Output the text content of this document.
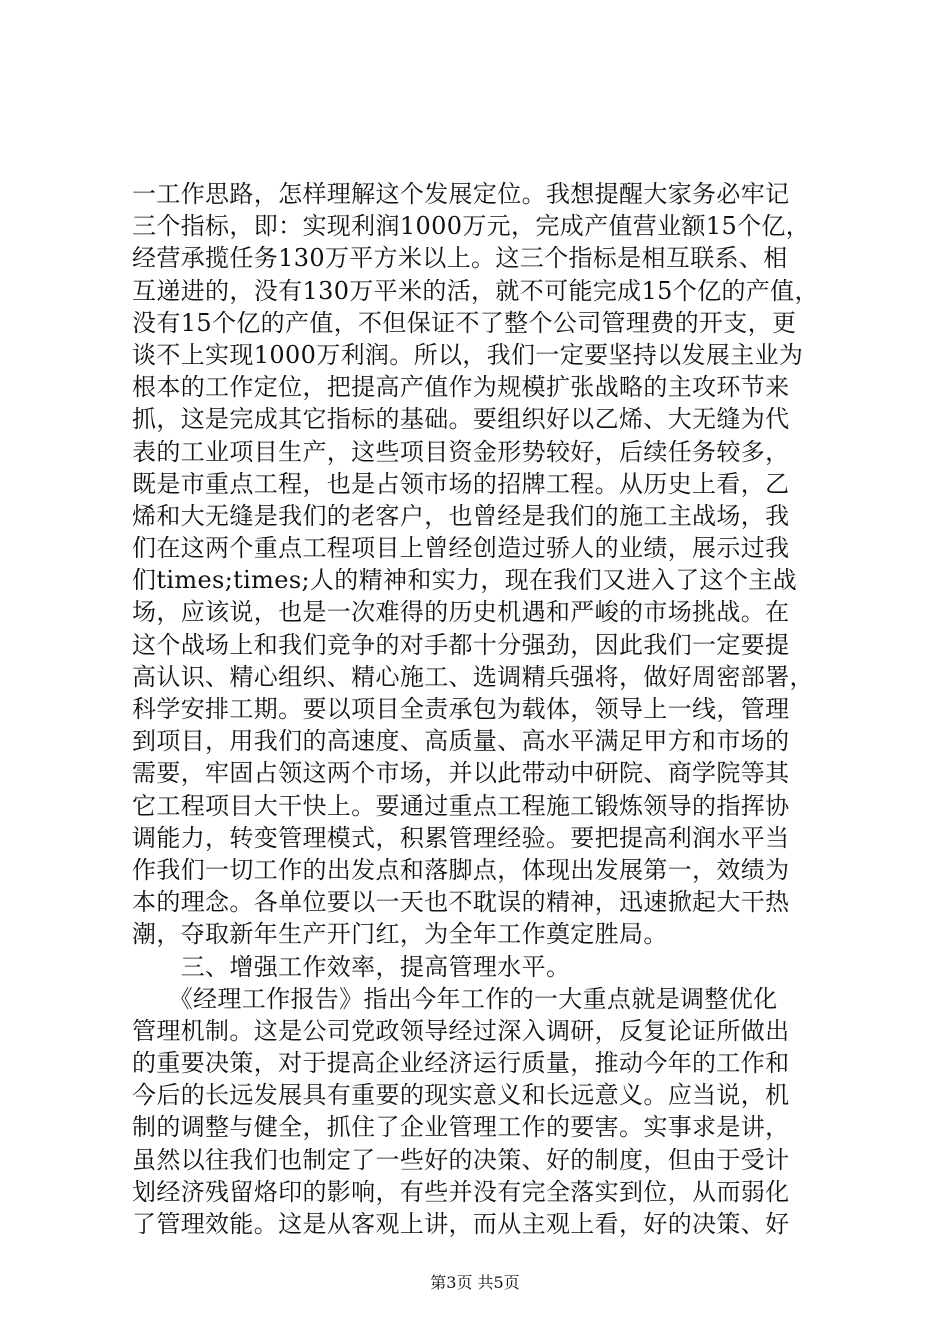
一工作思路，怎样理解这个发展定位。我想提醒大家务必牢记
三个指标，即：实现利润1000万元，完成产值营业额15个亿，
经营承揽任务130万平方米以上。这三个指标是相互联系、相
互递进的，没有130万平米的活，就不可能完成15个亿的产值，
没有15个亿的产值，不但保证不了整个公司管理费的开支，更
谈不上实现1000万利润。所以，我们一定要坚持以发展主业为
根本的工作定位，把提高产值作为规模扩张战略的主攻环节来
抓，这是完成其它指标的基础。要组织好以乙烯、大无缝为代
表的工业项目生产，这些项目资金形势较好，后续任务较多，
既是市重点工程，也是占领市场的招牌工程。从历史上看，乙
烯和大无缝是我们的老客户，也曾经是我们的施工主战场，我
们在这两个重点工程项目上曾经创造过骄人的业绩，展示过我
们times;times;人的精神和实力，现在我们又进入了这个主战
场，应该说，也是一次难得的历史机遇和严峻的市场挑战。在
这个战场上和我们竞争的对手都十分强劲，因此我们一定要提
高认识、精心组织、精心施工、选调精兵强将，做好周密部署，
科学安排工期。要以项目全责承包为载体，领导上一线，管理
到项目，用我们的高速度、高质量、高水平满足甲方和市场的
需要，牢固占领这两个市场，并以此带动中研院、商学院等其
它工程项目大干快上。要通过重点工程施工锻炼领导的指挥协
调能力，转变管理模式，积累管理经验。要把提高利润水平当
作我们一切工作的出发点和落脚点，体现出发展第一，效绩为
本的理念。各单位要以一天也不耽误的精神，迅速掀起大干热
潮，夺取新年生产开门红，为全年工作奠定胜局。
　　三、增强工作效率，提高管理水平。
　　《经理工作报告》指出今年工作的一大重点就是调整优化
管理机制。这是公司党政领导经过深入调研，反复论证所做出
的重要决策，对于提高企业经济运行质量，推动今年的工作和
今后的长远发展具有重要的现实意义和长远意义。应当说，机
制的调整与健全，抓住了企业管理工作的要害。实事求是讲，
虽然以往我们也制定了一些好的决策、好的制度，但由于受计
划经济残留烙印的影响，有些并没有完全落实到位，从而弱化
了管理效能。这是从客观上讲，而从主观上看，好的决策、好
第3页 共5页
